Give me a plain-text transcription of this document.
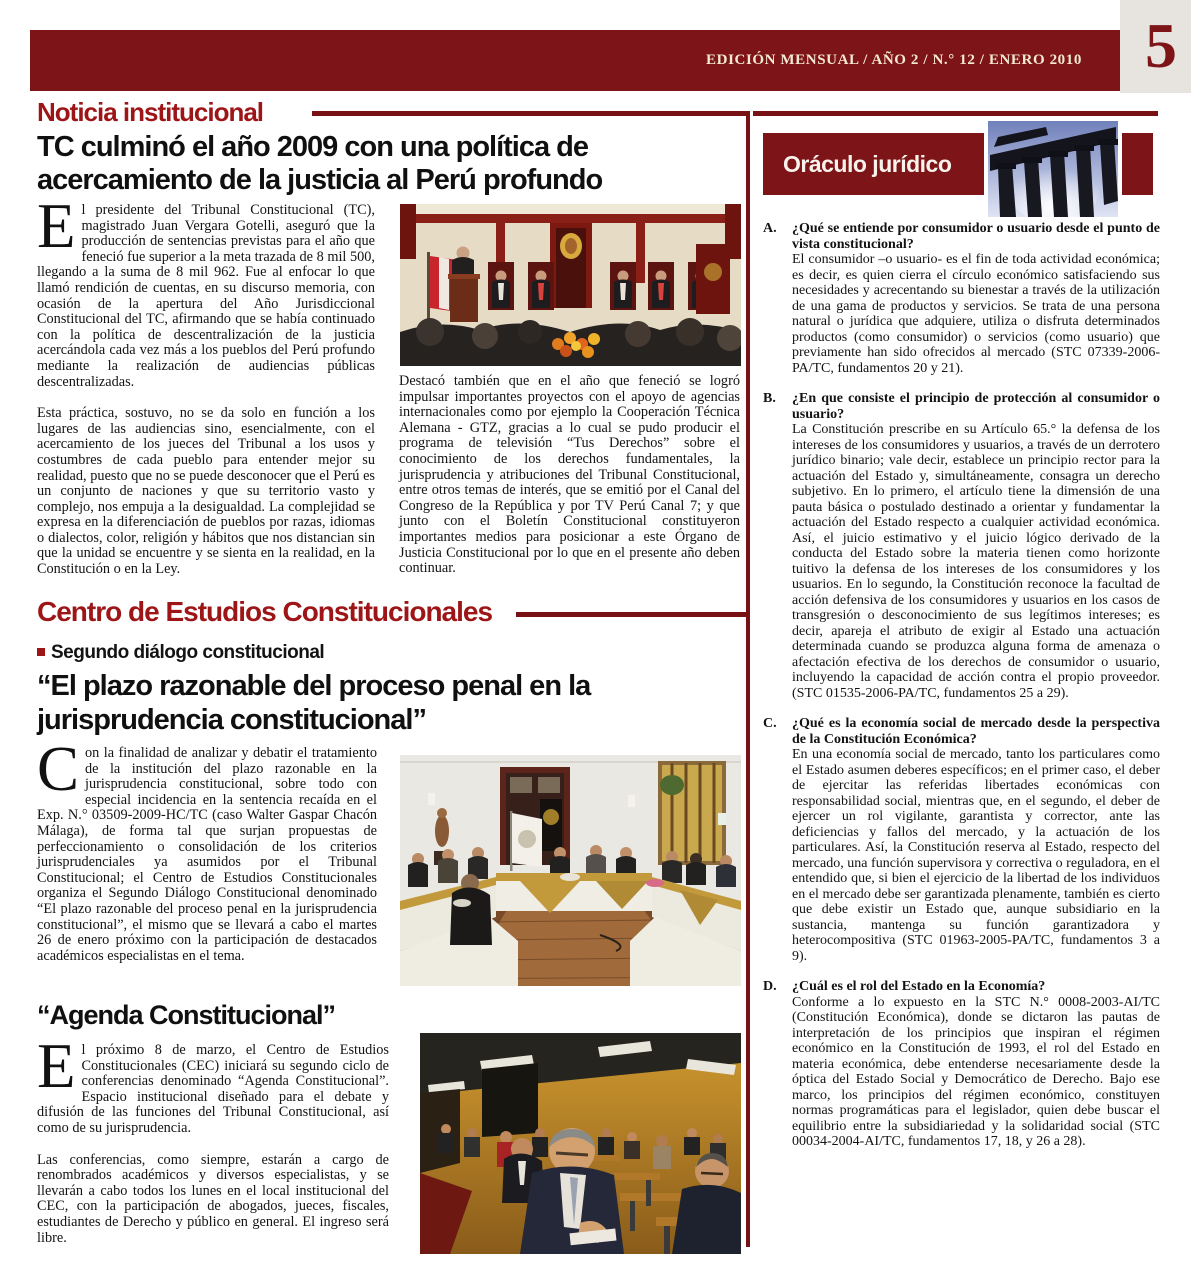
EDICIÓN MENSUAL / AÑO 2 / N.° 12 / ENERO 2010 5
Noticia institucional
TC culminó el año 2009 con una política de acercamiento de la justicia al Perú profundo

El presidente del Tribunal Constitucional (TC), magistrado Juan Vergara Gotelli, aseguró que la producción de sentencias previstas para el año que feneció fue superior a la meta trazada de 8 mil 500, llegando a la suma de 8 mil 962. Fue al enfocar lo que llamó rendición de cuentas, en su discurso memoria, con ocasión de la apertura del Año Jurisdiccional Constitucional del TC, afirmando que se había continuado con la política de descentralización de la justicia acercándola cada vez más a los pueblos del Perú profundo mediante la realización de audiencias públicas descentralizadas.

Esta práctica, sostuvo, no se da solo en función a los lugares de las audiencias sino, esencialmente, con el acercamiento de los jueces del Tribunal a los usos y costumbres de cada pueblo para entender mejor su realidad, puesto que no se puede desconocer que el Perú es un conjunto de naciones y que su territorio vasto y complejo, nos empuja a la desigualdad. La complejidad se expresa en la diferenciación de pueblos por razas, idiomas o dialectos, color, religión y hábitos que nos distancian sin que la unidad se encuentre y se sienta en la realidad, en la Constitución o en la Ley.

Destacó también que en el año que feneció se logró impulsar importantes proyectos con el apoyo de agencias internacionales como por ejemplo la Cooperación Técnica Alemana - GTZ, gracias a lo cual se pudo producir el programa de televisión “Tus Derechos” sobre el conocimiento de los derechos fundamentales, la jurisprudencia y atribuciones del Tribunal Constitucional, entre otros temas de interés, que se emitió por el Canal del Congreso de la República y por TV Perú Canal 7; y que junto con el Boletín Constitucional constituyeron importantes medios para posicionar a este Órgano de Justicia Constitucional por lo que en el presente año deben continuar.

Centro de Estudios Constitucionales
Segundo diálogo constitucional
“El plazo razonable del proceso penal en la jurisprudencia constitucional”

Con la finalidad de analizar y debatir el tratamiento de la institución del plazo razonable en la jurisprudencia constitucional, sobre todo con especial incidencia en la sentencia recaída en el Exp. N.° 03509-2009-HC/TC (caso Walter Gaspar Chacón Málaga), de forma tal que surjan propuestas de perfeccionamiento o consolidación de los criterios jurisprudenciales ya asumidos por el Tribunal Constitucional; el Centro de Estudios Constitucionales organiza el Segundo Diálogo Constitucional denominado “El plazo razonable del proceso penal en la jurisprudencia constitucional”, el mismo que se llevará a cabo el martes 26 de enero próximo con la participación de destacados académicos especialistas en el tema.

“Agenda Constitucional”

El próximo 8 de marzo, el Centro de Estudios Constitucionales (CEC) iniciará su segundo ciclo de conferencias denominado “Agenda Constitucional”. Espacio institucional diseñado para el debate y difusión de las funciones del Tribunal Constitucional, así como de su jurisprudencia.

Las conferencias, como siempre, estarán a cargo de renombrados académicos y diversos especialistas, y se llevarán a cabo todos los lunes en el local institucional del CEC, con la participación de abogados, jueces, fiscales, estudiantes de Derecho y público en general. El ingreso será libre.

Oráculo jurídico
A. ¿Qué se entiende por consumidor o usuario desde el punto de vista constitucional?

El consumidor –o usuario- es el fin de toda actividad económica; es decir, es quien cierra el círculo económico satisfaciendo sus necesidades y acrecentando su bienestar a través de la utilización de una gama de productos y servicios. Se trata de una persona natural o jurídica que adquiere, utiliza o disfruta determinados productos (como consumidor) o servicios (como usuario) que previamente han sido ofrecidos al mercado (STC 07339-2006-PA/TC, fundamentos 20 y 21).

B. ¿En que consiste el principio de protección al consumidor o usuario?

La Constitución prescribe en su Artículo 65.° la defensa de los intereses de los consumidores y usuarios, a través de un derrotero jurídico binario; vale decir, establece un principio rector para la actuación del Estado y, simultáneamente, consagra un derecho subjetivo. En lo primero, el artículo tiene la dimensión de una pauta básica o postulado destinado a orientar y fundamentar la actuación del Estado respecto a cualquier actividad económica. Así, el juicio estimativo y el juicio lógico derivado de la conducta del Estado sobre la materia tienen como horizonte tuitivo la defensa de los intereses de los consumidores y los usuarios. En lo segundo, la Constitución reconoce la facultad de acción defensiva de los consumidores y usuarios en los casos de transgresión o desconocimiento de sus legítimos intereses; es decir, apareja el atributo de exigir al Estado una actuación determinada cuando se produzca alguna forma de amenaza o afectación efectiva de los derechos de consumidor o usuario, incluyendo la capacidad de acción contra el propio proveedor. (STC 01535-2006-PA/TC, fundamentos 25 a 29).

C. ¿Qué es la economía social de mercado desde la perspectiva de la Constitución Económica?

En una economía social de mercado, tanto los particulares como el Estado asumen deberes específicos; en el primer caso, el deber de ejercitar las referidas libertades económicas con responsabilidad social, mientras que, en el segundo, el deber de ejercer un rol vigilante, garantista y corrector, ante las deficiencias y fallos del mercado, y la actuación de los particulares. Así, la Constitución reserva al Estado, respecto del mercado, una función supervisora y correctiva o reguladora, en el entendido que, si bien el ejercicio de la libertad de los individuos en el mercado debe ser garantizada plenamente, también es cierto que debe existir un Estado que, aunque subsidiario en la sustancia, mantenga su función garantizadora y heterocompositiva (STC 01963-2005-PA/TC, fundamentos 3 a 9).

D. ¿Cuál es el rol del Estado en la Economía?

Conforme a lo expuesto en la STC N.° 0008-2003-AI/TC (Constitución Económica), donde se dictaron las pautas de interpretación de los principios que inspiran el régimen económico en la Constitución de 1993, el rol del Estado en materia económica, debe entenderse necesariamente desde la óptica del Estado Social y Democrático de Derecho. Bajo ese marco, los principios del régimen económico, constituyen normas programáticas para el legislador, quien debe buscar el equilibrio entre la subsidiariedad y la solidaridad social (STC 00034-2004-AI/TC, fundamentos 17, 18, y 26 a 28).
